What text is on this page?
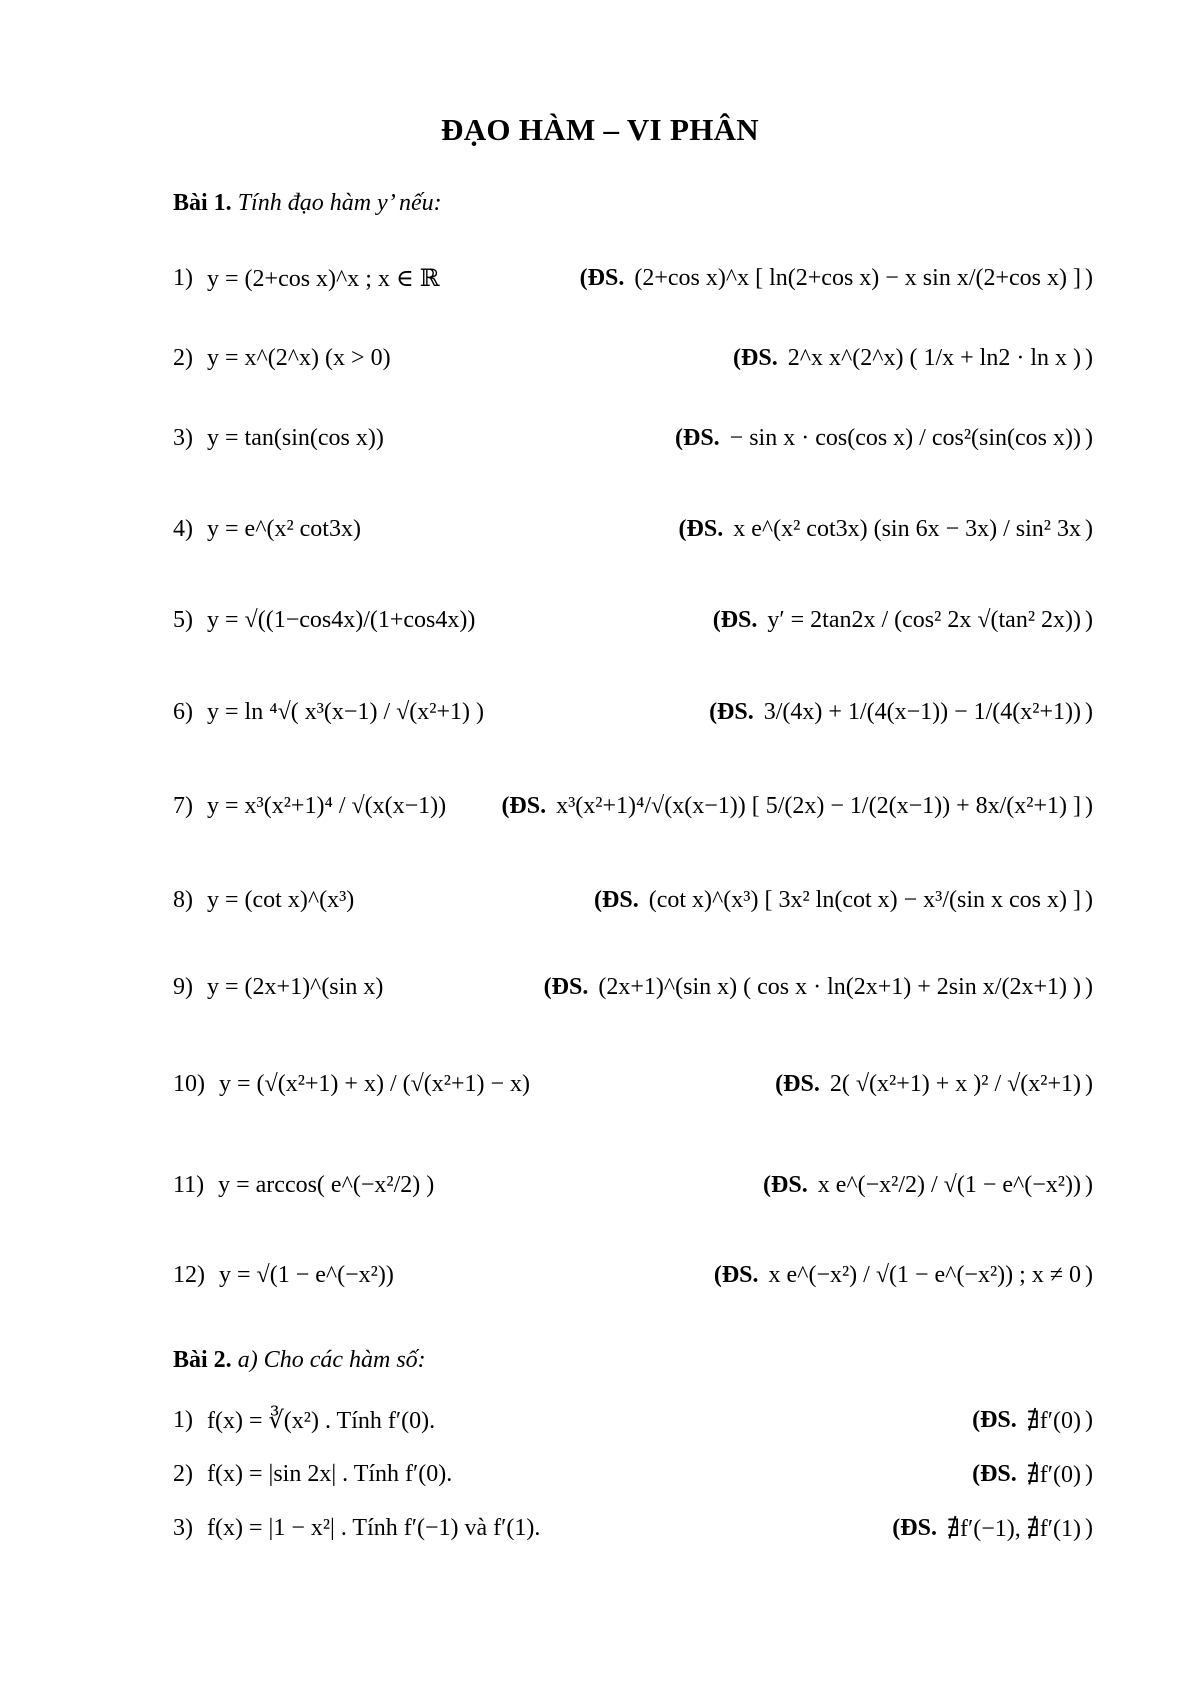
ĐẠO HÀM – VI PHÂN
Bài 1. Tính đạo hàm y’ nếu:
1) y = (2+cos x)^x ; x ∈ ℝ	(ĐS. (2+cos x)^x [ ln(2+cos x) − x sin x/(2+cos x) ] )
2) y = x^(2^x) (x > 0)	(ĐS. 2^x x^(2^x) ( 1/x + ln2 · ln x ) )
3) y = tan(sin(cos x))	(ĐS. − sin x · cos(cos x) / cos²(sin(cos x)) )
4) y = e^(x² cot3x)	(ĐS. x e^(x² cot3x) (sin 6x − 3x) / sin² 3x )
5) y = √((1−cos4x)/(1+cos4x))	(ĐS. y′ = 2tan2x / (cos² 2x √(tan² 2x)) )
6) y = ln ⁴√( x³(x−1) / √(x²+1) )	(ĐS. 3/(4x) + 1/(4(x−1)) − 1/(4(x²+1)) )
7) y = x³(x²+1)⁴ / √(x(x−1)) (ĐS. x³(x²+1)⁴/√(x(x−1)) [ 5/(2x) − 1/(2(x−1)) + 8x/(x²+1) ] )
8) y = (cot x)^(x³)	(ĐS. (cot x)^(x³) [ 3x² ln(cot x) − x³/(sin x cos x) ] )
9) y = (2x+1)^(sin x)	(ĐS. (2x+1)^(sin x) ( cos x · ln(2x+1) + 2sin x/(2x+1) ) )
10) y = (√(x²+1) + x) / (√(x²+1) − x)	(ĐS. 2( √(x²+1) + x )² / √(x²+1) )
11) y = arccos( e^(−x²/2) )	(ĐS. x e^(−x²/2) / √(1 − e^(−x²)) )
12) y = √(1 − e^(−x²))	(ĐS. x e^(−x²) / √(1 − e^(−x²)) ; x ≠ 0 )
Bài 2. a) Cho các hàm số:
1) f(x) = ∛(x²) . Tính f′(0).	(ĐS. ∄f′(0) )
2) f(x) = |sin 2x| . Tính f′(0).	(ĐS. ∄f′(0) )
3) f(x) = |1 − x²| . Tính f′(−1) và f′(1).	(ĐS. ∄f′(−1), ∄f′(1) )
